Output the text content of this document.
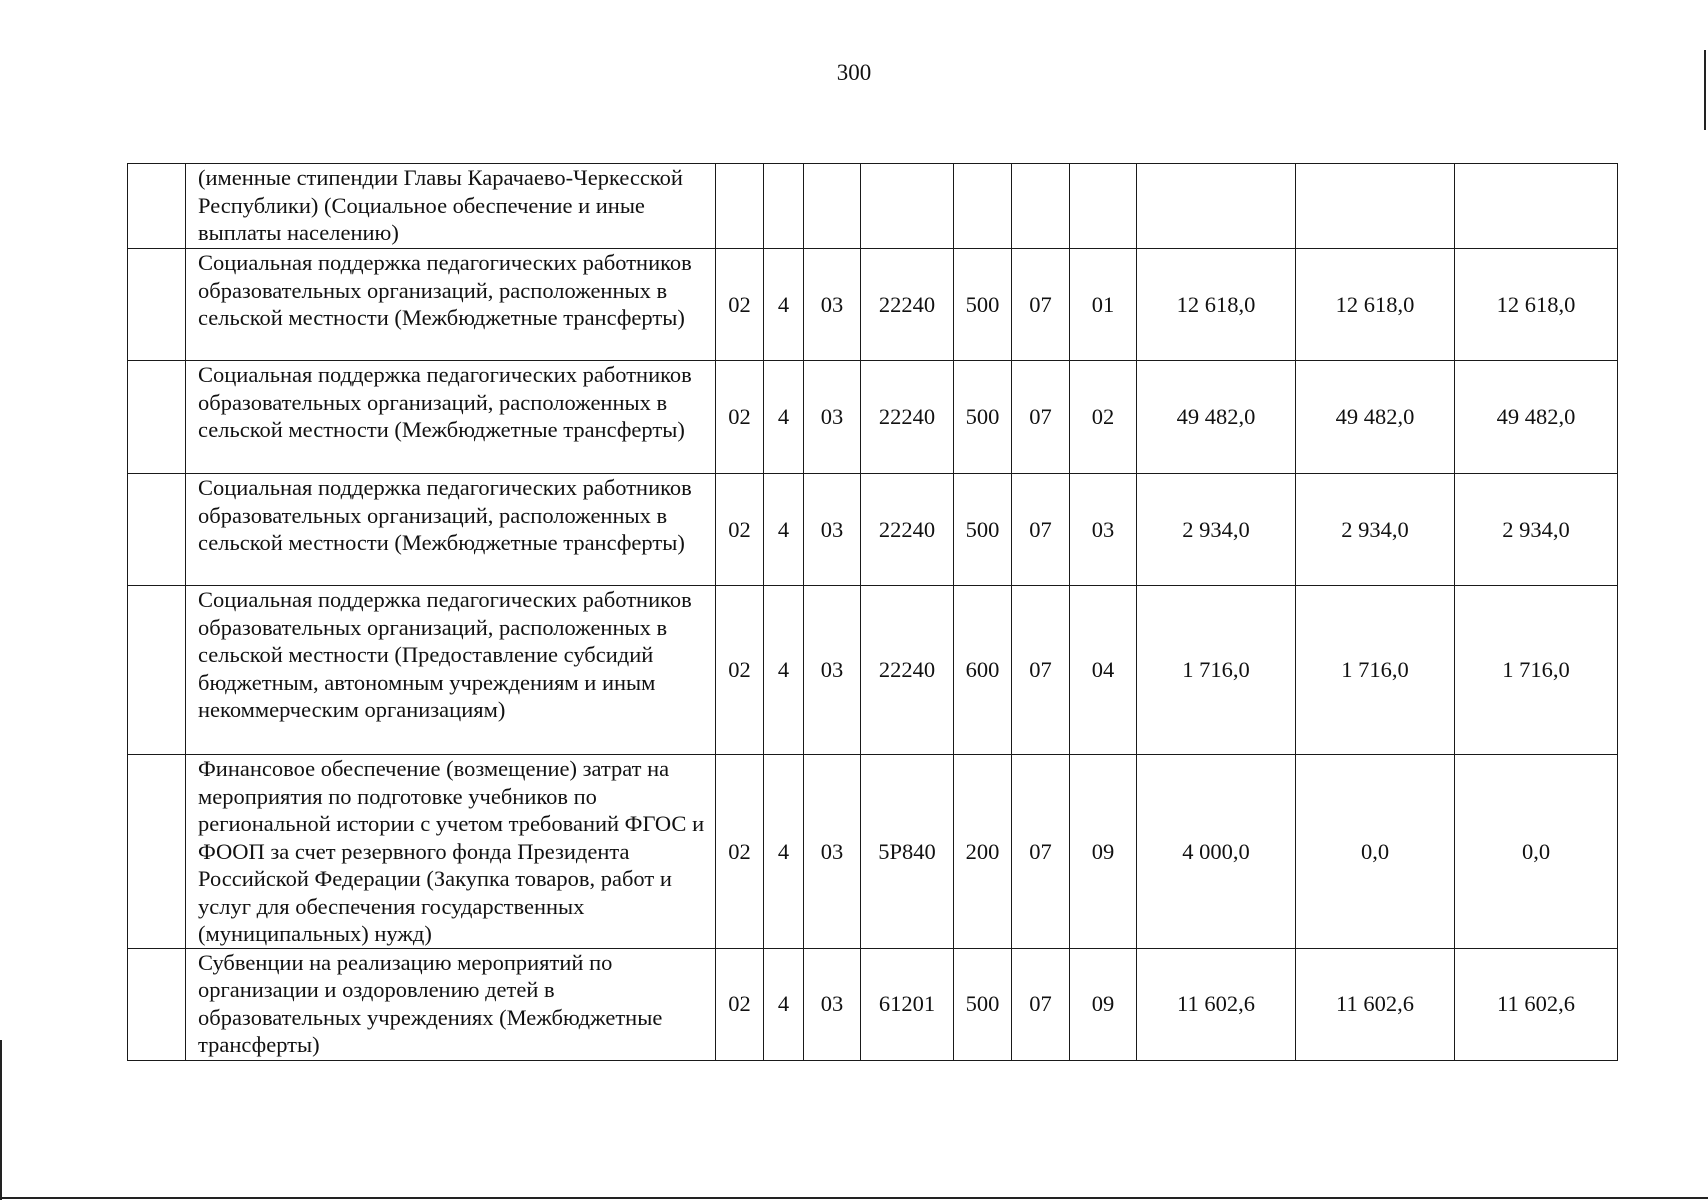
300
	(именные стипендии Главы Карачаево-Черкесской Республики) (Социальное обеспечение и иные выплаты населению)										
	Социальная поддержка педагогических работников образовательных организаций, расположенных в сельской местности (Межбюджетные трансферты)	02	4	03	22240	500	07	01	12 618,0	12 618,0	12 618,0
	Социальная поддержка педагогических работников образовательных организаций, расположенных в сельской местности (Межбюджетные трансферты)	02	4	03	22240	500	07	02	49 482,0	49 482,0	49 482,0
	Социальная поддержка педагогических работников образовательных организаций, расположенных в сельской местности (Межбюджетные трансферты)	02	4	03	22240	500	07	03	2 934,0	2 934,0	2 934,0
	Социальная поддержка педагогических работников образовательных организаций, расположенных в сельской местности (Предоставление субсидий бюджетным, автономным учреждениям и иным некоммерческим организациям)	02	4	03	22240	600	07	04	1 716,0	1 716,0	1 716,0
	Финансовое обеспечение (возмещение) затрат на мероприятия по подготовке учебников по региональной истории с учетом требований ФГОС и ФООП за счет резервного фонда Президента Российской Федерации (Закупка товаров, работ и услуг для обеспечения государственных (муниципальных) нужд)	02	4	03	5Р840	200	07	09	4 000,0	0,0	0,0
	Субвенции на реализацию мероприятий по организации и оздоровлению детей в образовательных учреждениях (Межбюджетные трансферты)	02	4	03	61201	500	07	09	11 602,6	11 602,6	11 602,6
